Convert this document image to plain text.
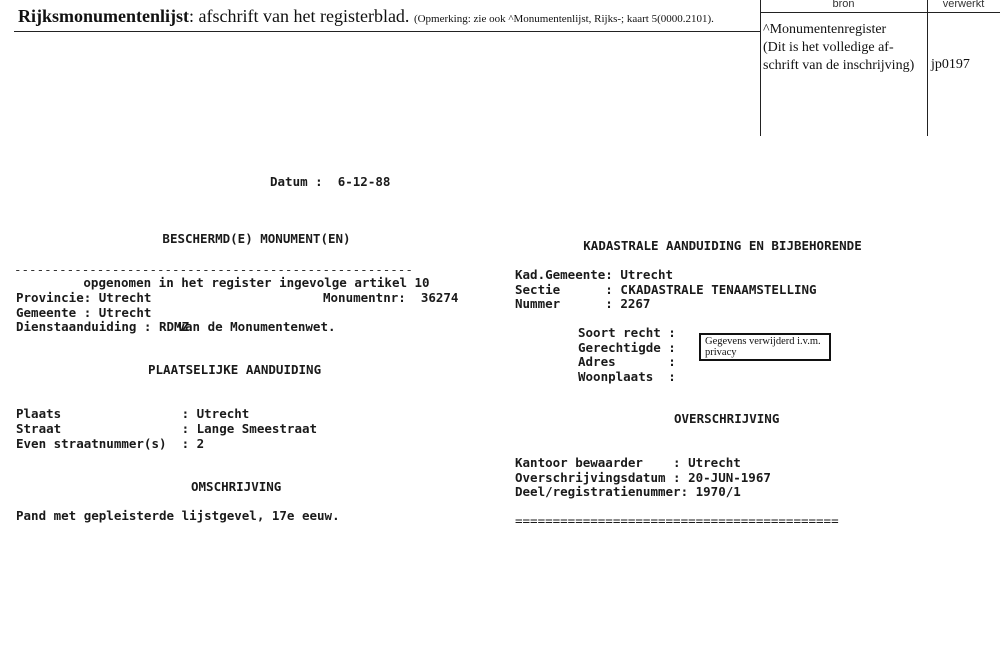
Rijksmonumentenlijst: afschrift van het registerblad. (Opmerking: zie ook ^Monumentenlijst, Rijks-; kaart 5(0000.2101).
bron	verwerkt
^Monumentenregister
(Dit is het volledige af-
schrift van de inschrijving)	jp0197
Datum :  6-12-88

BESCHERMD(E) MONUMENT(EN)

opgenomen in het register ingevolge artikel 10

van de Monumentenwet.

-----------------------------------------------------
Provincie: Utrecht	Monumentnr:  36274
Gemeente : Utrecht
Dienstaanduiding : RDMZ
PLAATSELIJKE AANDUIDING
Plaats                : Utrecht
Straat                : Lange Smeestraat
Even straatnummer(s)  : 2
OMSCHRIJVING
Pand met gepleisterde lijstgevel, 17e eeuw.

KADASTRALE AANDUIDING EN BIJBEHORENDE

KADASTRALE TENAAMSTELLING

Kad.Gemeente: Utrecht
Sectie      : C
Nummer      : 2267
Soort recht :
Gerechtigde :
Adres       :
Woonplaats  :
Gegevens verwijderd i.v.m. privacy
OVERSCHRIJVING
Kantoor bewaarder    : Utrecht
Overschrijvingsdatum : 20-JUN-1967
Deel/registratienummer: 1970/1
===========================================
